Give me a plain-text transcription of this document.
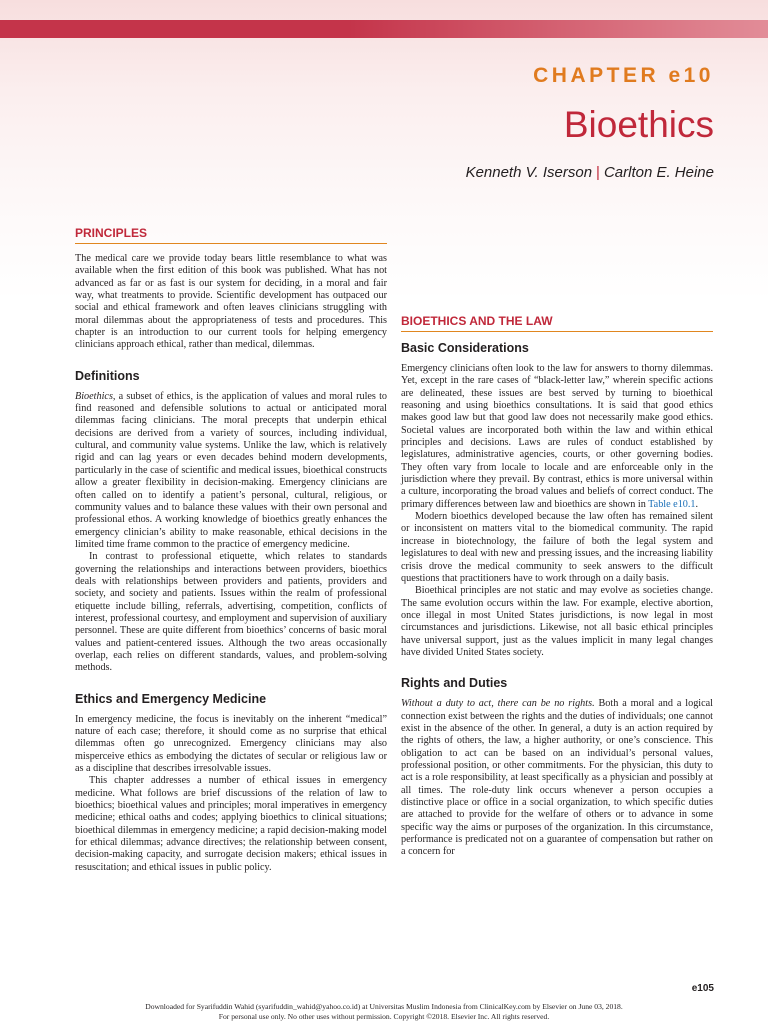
CHAPTER e10
Bioethics
Kenneth V. Iserson | Carlton E. Heine
PRINCIPLES

The medical care we provide today bears little resemblance to what was available when the first edition of this book was published. What has not advanced as far or as fast is our system for deciding, in a moral and fair way, what treatments to provide. Scientific development has outpaced our social and ethical framework and often leaves clinicians struggling with moral dilemmas about the appropriateness of tests and procedures. This chapter is an introduction to our current tools for helping emergency clinicians approach ethical, rather than medical, dilemmas.

Definitions

Bioethics, a subset of ethics, is the application of values and moral rules to find reasoned and defensible solutions to actual or anticipated moral dilemmas facing clinicians. The moral precepts that underpin ethical decisions are derived from a variety of sources, including individual, cultural, and community value systems. Unlike the law, which is relatively rigid and can lag years or even decades behind modern developments, particularly in the case of scientific and medical issues, bioethical constructs allow a greater flexibility in decision-making. Emergency clinicians are often called on to identify a patient’s personal, cultural, religious, or community values and to balance these values with their own personal and professional ethos. A working knowledge of bioethics greatly enhances the emergency clinician’s ability to make reasonable, ethical decisions in the limited time frame common to the practice of emergency medicine.

In contrast to professional etiquette, which relates to standards governing the relationships and interactions between providers, bioethics deals with relationships between providers and patients, providers and society, and society and patients. Issues within the realm of professional etiquette include billing, referrals, advertising, competition, conflicts of interest, professional courtesy, and employment and supervision of auxiliary personnel. These are quite different from bioethics’ concerns of basic moral values and patient-centered issues. Although the two areas occasionally overlap, each relies on different standards, values, and problem-solving methods.

Ethics and Emergency Medicine

In emergency medicine, the focus is inevitably on the inherent “medical” nature of each case; therefore, it should come as no surprise that ethical dilemmas often go unrecognized. Emergency clinicians may also misperceive ethics as embodying the dictates of secular or religious law or as a discipline that describes irresolvable issues.

This chapter addresses a number of ethical issues in emergency medicine. What follows are brief discussions of the relation of law to bioethics; bioethical values and principles; moral imperatives in emergency medicine; ethical oaths and codes; applying bioethics to clinical situations; bioethical dilemmas in emergency medicine; a rapid decision-making model for ethical dilemmas; advance directives; the relationship between consent, decision-making capacity, and surrogate decision makers; ethical issues in resuscitation; and ethical issues in public policy.

BIOETHICS AND THE LAW
Basic Considerations

Emergency clinicians often look to the law for answers to thorny dilemmas. Yet, except in the rare cases of “black-letter law,” wherein specific actions are delineated, these issues are best served by turning to bioethical reasoning and using bioethics consultations. It is said that good ethics makes good law but that good law does not necessarily make good ethics. Societal values are incorporated both within the law and within ethical principles and decisions. Laws are rules of conduct established by legislatures, administrative agencies, courts, or other governing bodies. They often vary from locale to locale and are enforceable only in the jurisdiction where they prevail. By contrast, ethics is more universal within a culture, incorporating the broad values and beliefs of correct conduct. The primary differences between law and bioethics are shown in Table e10.1.

Modern bioethics developed because the law often has remained silent or inconsistent on matters vital to the biomedical community. The rapid increase in biotechnology, the failure of both the legal system and legislatures to deal with new and pressing issues, and the increasing liability crisis drove the medical community to seek answers to the difficult questions that practitioners have to work through on a daily basis.

Bioethical principles are not static and may evolve as societies change. The same evolution occurs within the law. For example, elective abortion, once illegal in most United States jurisdictions, is now legal in most circumstances and jurisdictions. Likewise, not all basic ethical principles have universal support, just as the values implicit in many legal changes have divided United States society.

Rights and Duties

Without a duty to act, there can be no rights. Both a moral and a logical connection exist between the rights and the duties of individuals; one cannot exist in the absence of the other. In general, a duty is an action required by the rights of others, the law, a higher authority, or one’s conscience. This obligation to act can be based on an individual’s personal values, professional position, or other commitments. For the physician, this duty to act is a role responsibility, at least specifically as a physician and possibly at all times. The role-duty link occurs whenever a person occupies a distinctive place or office in a social organization, to which specific duties are attached to provide for the welfare of others or to advance in some specific way the aims or purposes of the organization. In this circumstance, performance is predicated not on a guarantee of compensation but rather on a concern for

e105
Downloaded for Syarifuddin Wahid (syarifuddin_wahid@yahoo.co.id) at Universitas Muslim Indonesia from ClinicalKey.com by Elsevier on June 03, 2018.
For personal use only. No other uses without permission. Copyright ©2018. Elsevier Inc. All rights reserved.
